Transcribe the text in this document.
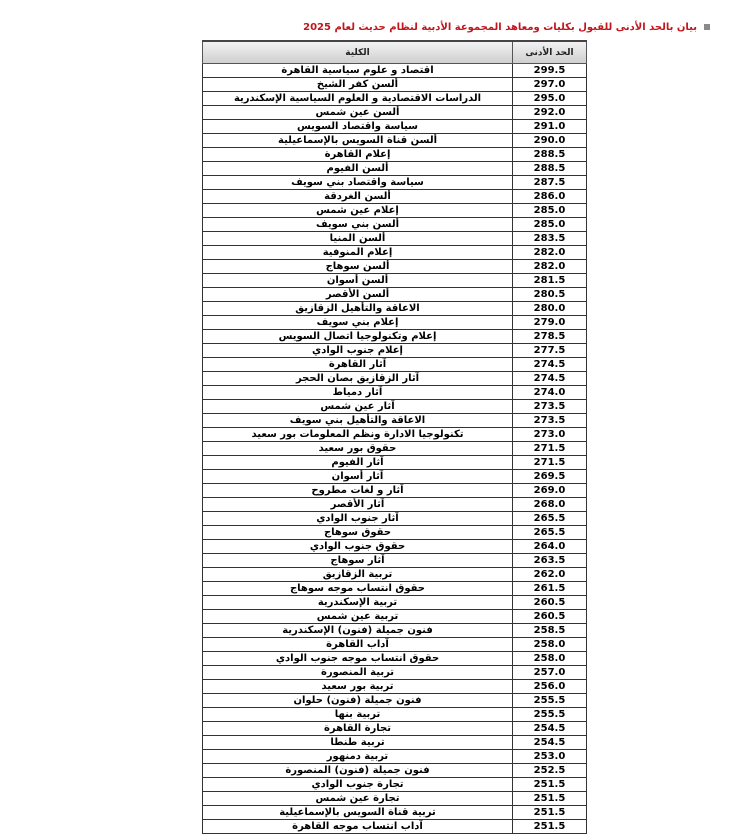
بيان بالحد الأدنى للقبول بكليات ومعاهد المجموعة الأدبية لنظام حديث لعام 2025
الحد الأدنى	الكلية
299.5	اقتصاد و علوم سياسية القاهرة
297.0	ألسن كفر الشيخ
295.0	الدراسات الاقتصادية و العلوم السياسية الإسكندرية
292.0	ألسن عين شمس
291.0	سياسة واقتصاد السويس
290.0	ألسن قناة السويس بالإسماعيلية
288.5	إعلام القاهرة
288.5	ألسن الفيوم
287.5	سياسة واقتصاد بني سويف
286.0	ألسن الغردقة
285.0	إعلام عين شمس
285.0	ألسن بني سويف
283.5	ألسن المنيا
282.0	إعلام المنوفية
282.0	ألسن سوهاج
281.5	ألسن أسوان
280.5	ألسن الأقصر
280.0	الاعاقة والتأهيل الزقازيق
279.0	إعلام بني سويف
278.5	إعلام وتكنولوجيا اتصال السويس
277.5	إعلام جنوب الوادي
274.5	آثار القاهرة
274.5	آثار الزقازيق بصان الحجر
274.0	آثار دمياط
273.5	آثار عين شمس
273.5	الاعاقة والتأهيل بني سويف
273.0	تكنولوجيا الادارة ونظم المعلومات بور سعيد
271.5	حقوق بور سعيد
271.5	آثار الفيوم
269.5	آثار أسوان
269.0	آثار و لغات مطروح
268.0	آثار الأقصر
265.5	آثار جنوب الوادي
265.5	حقوق سوهاج
264.0	حقوق جنوب الوادي
263.5	آثار سوهاج
262.0	تربية الزقازيق
261.5	حقوق انتساب موجه سوهاج
260.5	تربية الإسكندرية
260.5	تربية عين شمس
258.5	فنون جميلة (فنون) الإسكندرية
258.0	آداب القاهرة
258.0	حقوق انتساب موجه جنوب الوادي
257.0	تربية المنصورة
256.0	تربية بور سعيد
255.5	فنون جميلة (فنون) حلوان
255.5	تربية بنها
254.5	تجارة القاهرة
254.5	تربية طنطا
253.0	تربية دمنهور
252.5	فنون جميلة (فنون) المنصورة
251.5	تجارة جنوب الوادي
251.5	تجارة عين شمس
251.5	تربية قناة السويس بالإسماعيلية
251.5	آداب انتساب موجه القاهرة
